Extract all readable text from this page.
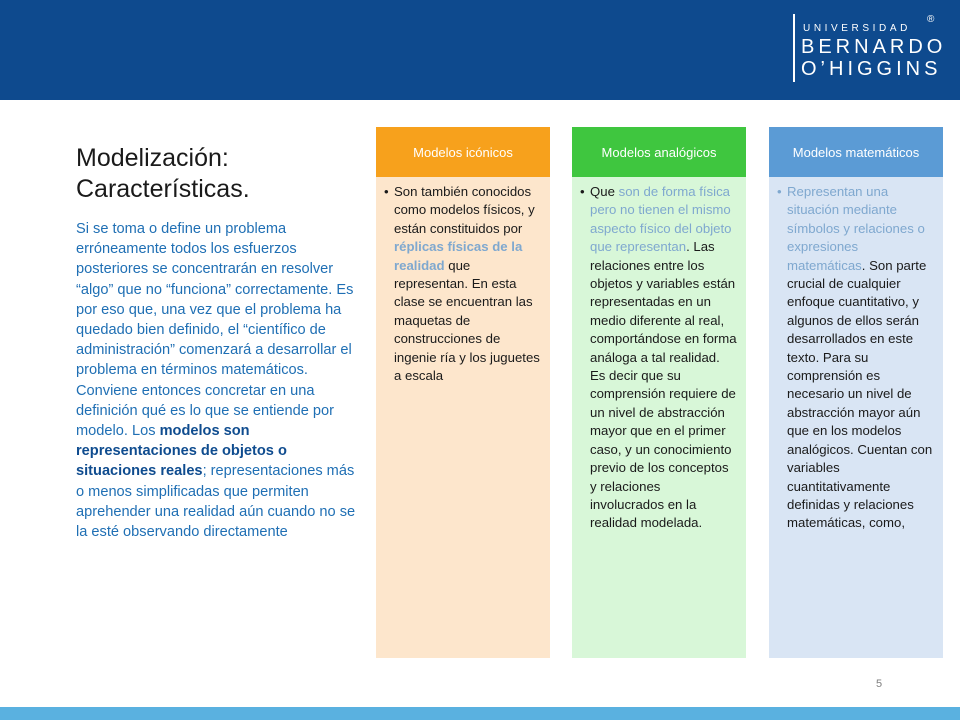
UNIVERSIDAD
®
BERNARDO
O’HIGGINS
Modelización: Características.

Si se toma o define un problema erróneamente todos los esfuerzos posteriores se concentrarán en resolver “algo” que no “funciona” correctamente. Es por eso que, una vez que el problema ha quedado bien definido, el “científico de administración” comenzará a desarrollar el problema en términos matemáticos. Conviene entonces concretar en una definición qué es lo que se entiende por modelo. Los modelos son representaciones de objetos o situaciones reales; representaciones más o menos simplificadas que permiten aprehender una realidad aún cuando no se la esté observando directamente

Modelos icónicos
• Son también conocidos como modelos físicos, y están constituidos por réplicas físicas de la realidad que representan. En esta clase se encuentran las maquetas de construcciones de ingenie ría y los juguetes a escala
Modelos analógicos
• Que son de forma física pero no tienen el mismo aspecto físico del objeto que representan. Las relaciones entre los objetos y variables están representadas en un medio diferente al real, comportándose en forma análoga a tal realidad. Es decir que su comprensión requiere de un nivel de abstracción mayor que en el primer caso, y un conocimiento previo de los conceptos y relaciones involucrados en la realidad modelada.
Modelos matemáticos
• Representan una situación mediante símbolos y relaciones o expresiones matemáticas. Son parte crucial de cualquier enfoque cuantitativo, y algunos de ellos serán desarrollados en este texto. Para su comprensión es necesario un nivel de abstracción mayor aún que en los modelos analógicos. Cuentan con variables cuantitativamente definidas y relaciones matemáticas, como,
5
